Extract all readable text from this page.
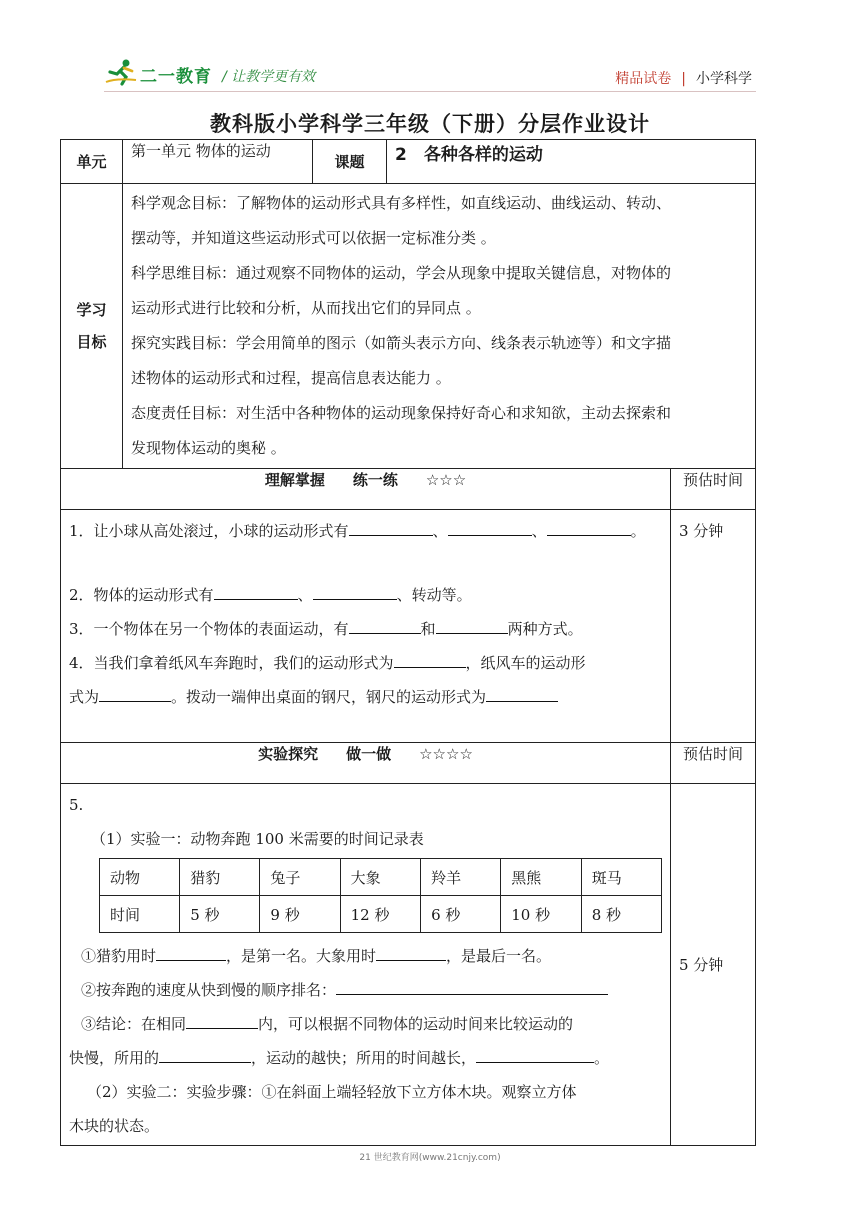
二一教育 / 让教学更有效	精品试卷 | 小学科学
教科版小学科学三年级（下册）分层作业设计
单元	第一单元 物体的运动	课题	2　各种各样的运动

学习
目标

科学观念目标：了解物体的运动形式具有多样性，如直线运动、曲线运动、转动、

摆动等，并知道这些运动形式可以依据一定标准分类 。

科学思维目标：通过观察不同物体的运动，学会从现象中提取关键信息，对物体的

运动形式进行比较和分析，从而找出它们的异同点 。

探究实践目标：学会用简单的图示（如箭头表示方向、线条表示轨迹等）和文字描

述物体的运动形式和过程，提高信息表达能力 。

态度责任目标：对生活中各种物体的运动现象保持好奇心和求知欲，主动去探索和

发现物体运动的奥秘 。

理解掌握 练一练 ☆☆☆	预估时间

1．让小球从高处滚过，小球的运动形式有	、	、	。

2．物体的运动形式有	、	、转动等。

3．一个物体在另一个物体的表面运动，有	和	两种方式。

4．当我们拿着纸风车奔跑时，我们的运动形式为	，纸风车的运动形

式为	。拨动一端伸出桌面的钢尺，钢尺的运动形式为

	3 分钟
实验探究 做一做 ☆☆☆☆	预估时间

5.

（1）实验一：动物奔跑 100 米需要的时间记录表

动物	猎豹	兔子	大象	羚羊	黑熊	斑马
时间	5 秒	9 秒	12 秒	6 秒	10 秒	8 秒

①猎豹用时	，是第一名。大象用时	，是最后一名。

②按奔跑的速度从快到慢的顺序排名：

③结论：在相同	内，可以根据不同物体的运动时间来比较运动的

快慢，所用的	，运动的越快；所用的时间越长，	。

（2）实验二：实验步骤：①在斜面上端轻轻放下立方体木块。观察立方体

木块的状态。

	5 分钟
21 世纪教育网(www.21cnjy.com)
